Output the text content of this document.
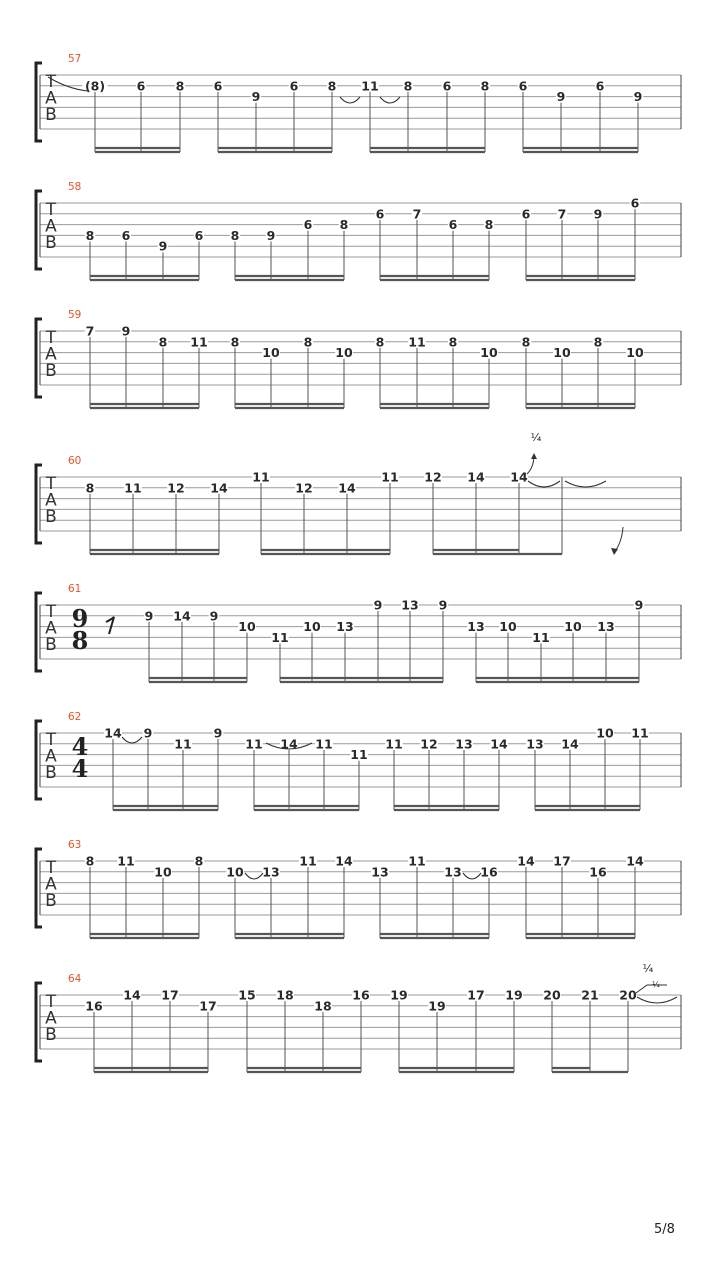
T
A
B
57
(8)	6 8 6
9
6 8 11 8 6 8 6
9
6
9
T
A
B
58
8 6
9
6 8 9
6 8
6 7
6 8
6 7 9
6
T
A
B
59
7 9
8 11 8
10
8
10
8 11 8
10
8
10
8
10
T
A
B
60
8 11 12 14
11
12 14
11 12 14 14
¼
T
A
B
61
9
8
9 14 9
10
11
10 13
9 13 9
13 10
11
10 13
9
T
A
B
62
4
4
14 9
11
9
11 14 11
11
11 12 13 14 13 14
10 11
T
A
B
63
8 11
10
8
10 13
11 14
13
11
13 16
14 17
16
14
T
A
B
64
16
14 17
17
15 18
18
16 19
19
17 19 20 21 20
¼
¼
5/8
